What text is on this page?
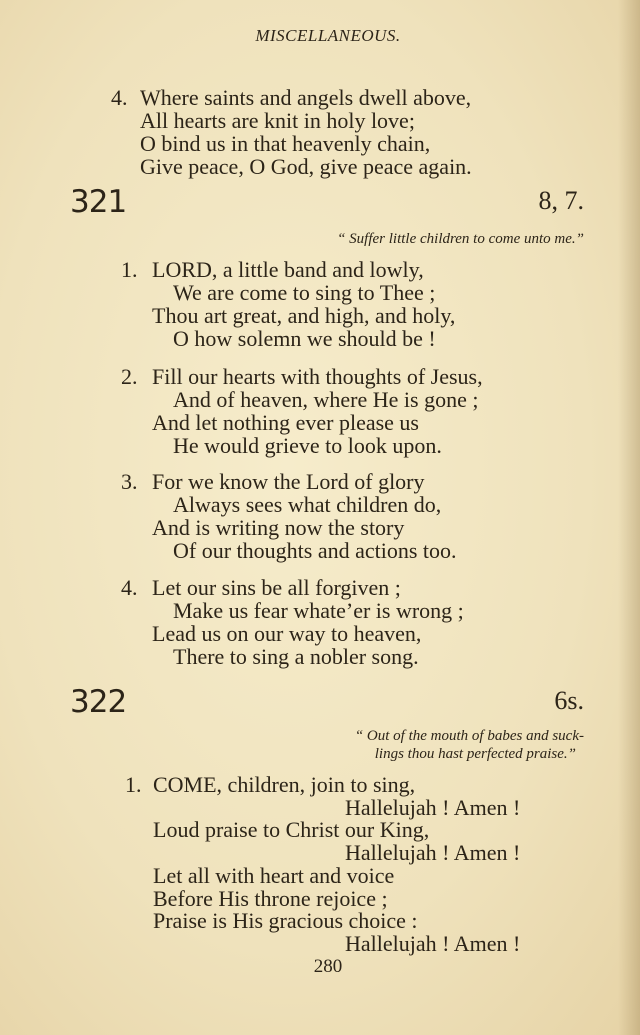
MISCELLANEOUS.
280
4. Where saints and angels dwell above,
All hearts are knit in holy love;
O bind us in that heavenly chain,
Give peace, O God, give peace again.
321	8, 7.
“ Suffer little children to come unto me.”
1. LORD, a little band and lowly,
We are come to sing to Thee ;
Thou art great, and high, and holy,
O how solemn we should be !
2. Fill our hearts with thoughts of Jesus,
And of heaven, where He is gone ;
And let nothing ever please us
He would grieve to look upon.
3. For we know the Lord of glory
Always sees what children do,
And is writing now the story
Of our thoughts and actions too.
4. Let our sins be all forgiven ;
Make us fear whate’er is wrong ;
Lead us on our way to heaven,
There to sing a nobler song.
322	6s.
“ Out of the mouth of babes and suck-
lings thou hast perfected praise.”
1. COME, children, join to sing,
Hallelujah ! Amen !
Loud praise to Christ our King,
Hallelujah ! Amen !
Let all with heart and voice
Before His throne rejoice ;
Praise is His gracious choice :
Hallelujah ! Amen !
